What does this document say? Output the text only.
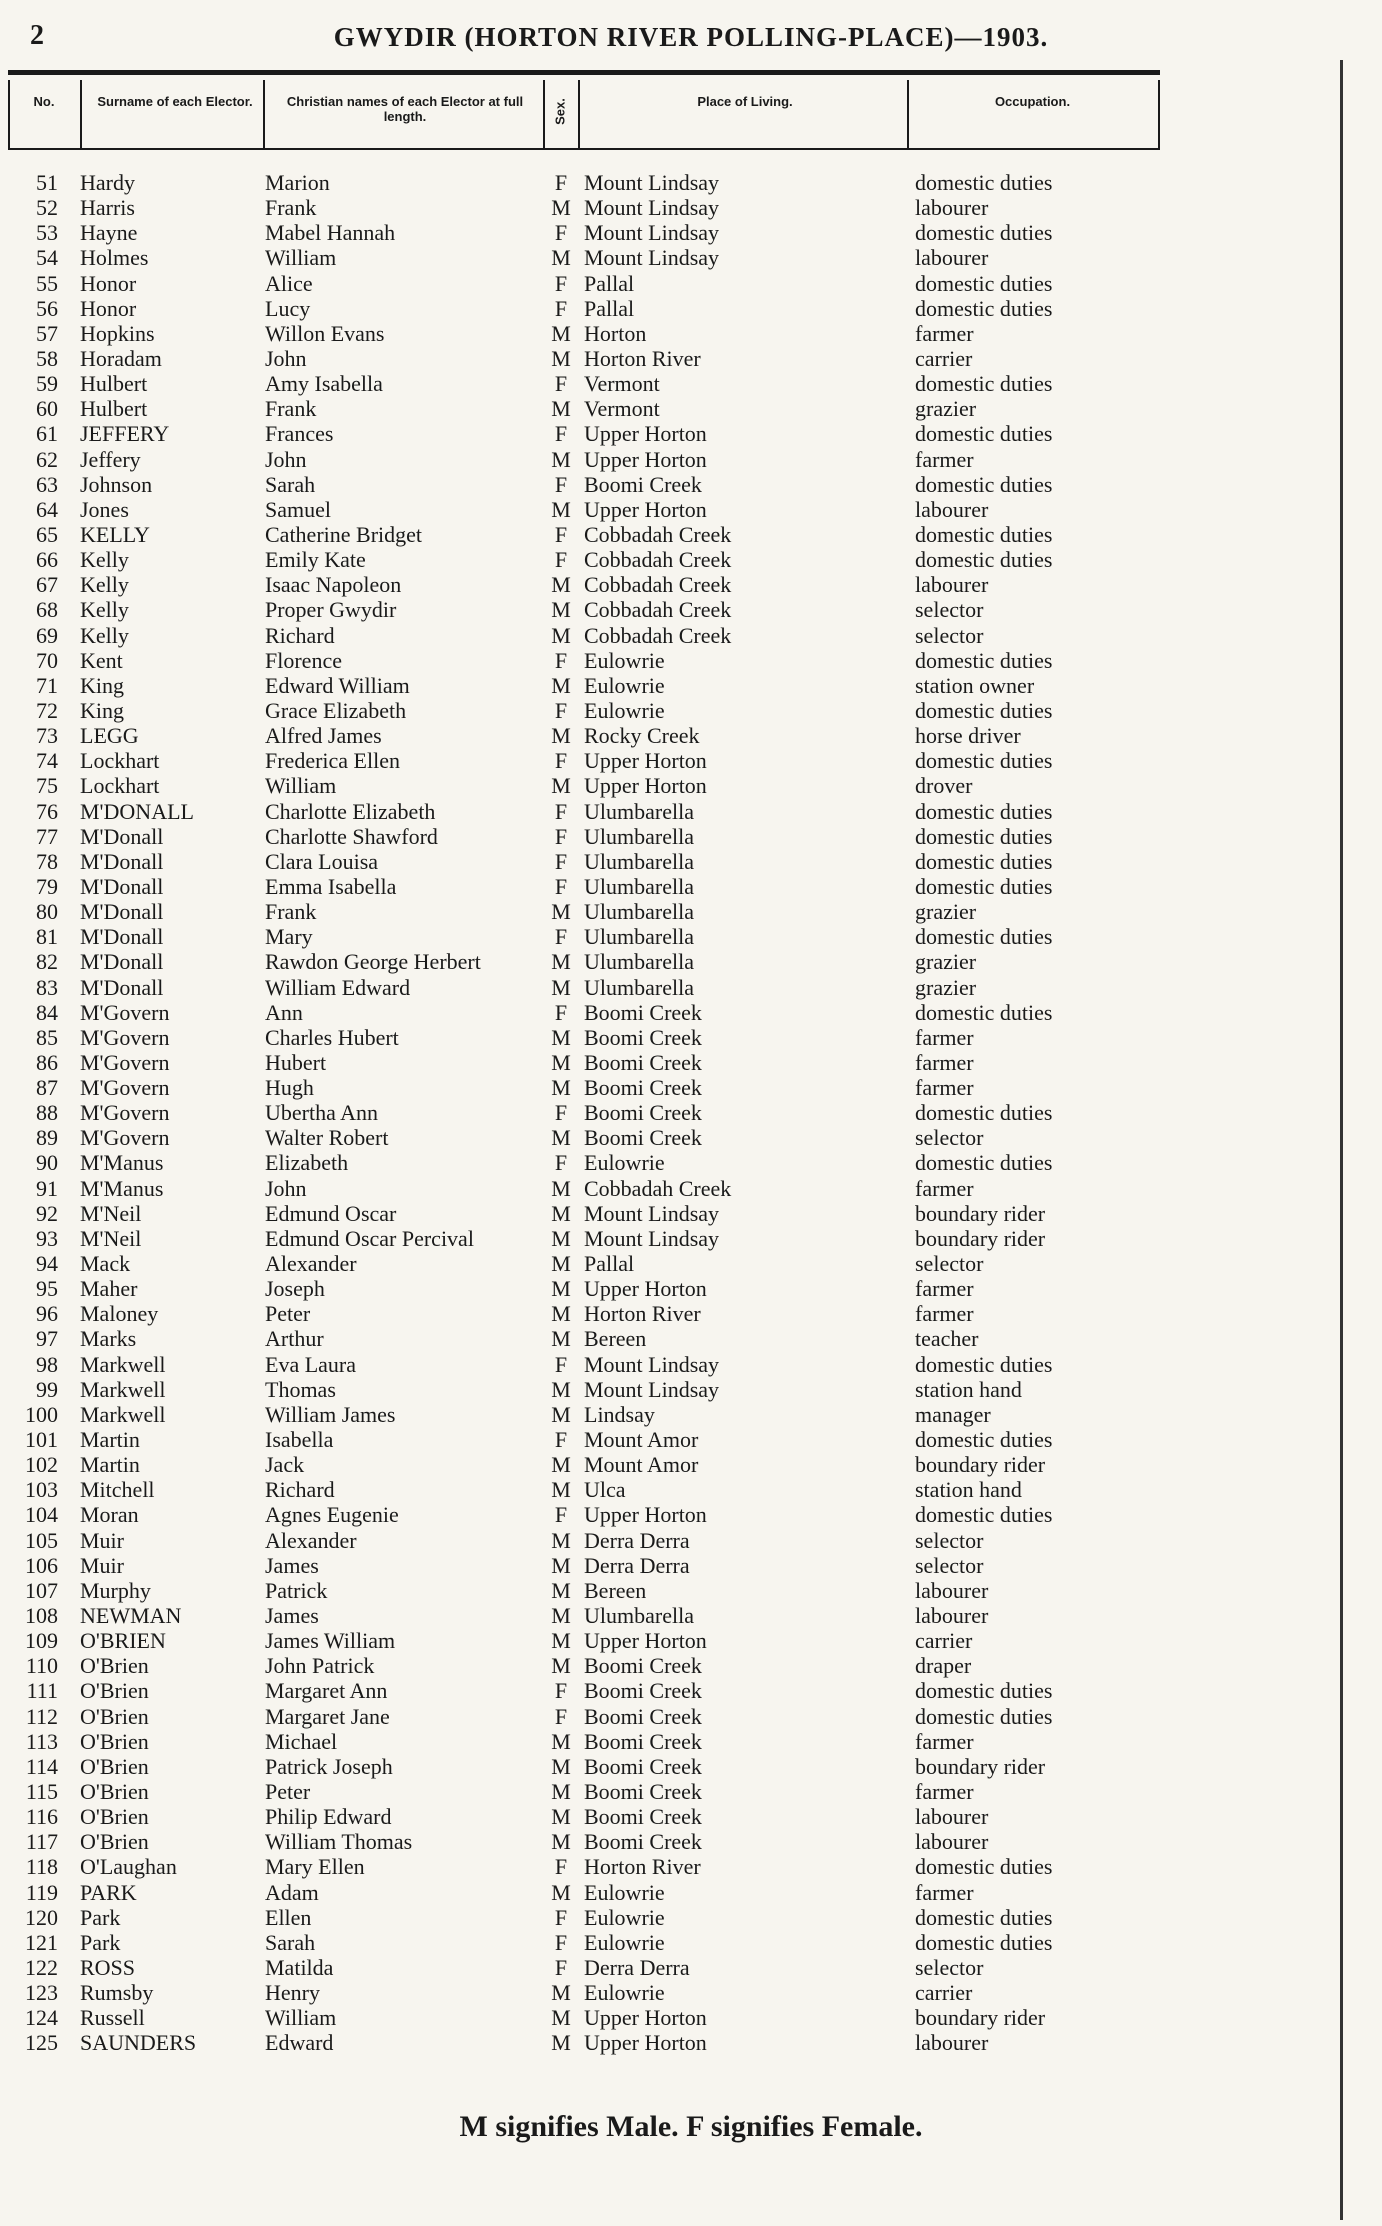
2	GWYDIR (HORTON RIVER POLLING-PLACE)—1903.
No.	Surname of each Elector.	Christian names of each Elector at full length.	Sex.	Place of Living.	Occupation.
51 Hardy	Marion	F Mount Lindsay	domestic duties
52 Harris	Frank	M Mount Lindsay	labourer
53 Hayne	Mabel Hannah	F Mount Lindsay	domestic duties
54 Holmes	William	M Mount Lindsay	labourer
55 Honor	Alice	F Pallal	domestic duties
56 Honor	Lucy	F Pallal	domestic duties
57 Hopkins	Willon Evans	M Horton	farmer
58 Horadam	John	M Horton River	carrier
59 Hulbert	Amy Isabella	F Vermont	domestic duties
60 Hulbert	Frank	M Vermont	grazier
61 JEFFERY	Frances	F Upper Horton	domestic duties
62 Jeffery	John	M Upper Horton	farmer
63 Johnson	Sarah	F Boomi Creek	domestic duties
64 Jones	Samuel	M Upper Horton	labourer
65 KELLY	Catherine Bridget	F Cobbadah Creek	domestic duties
66 Kelly	Emily Kate	F Cobbadah Creek	domestic duties
67 Kelly	Isaac Napoleon	M Cobbadah Creek	labourer
68 Kelly	Proper Gwydir	M Cobbadah Creek	selector
69 Kelly	Richard	M Cobbadah Creek	selector
70 Kent	Florence	F Eulowrie	domestic duties
71 King	Edward William	M Eulowrie	station owner
72 King	Grace Elizabeth	F Eulowrie	domestic duties
73 LEGG	Alfred James	M Rocky Creek	horse driver
74 Lockhart	Frederica Ellen	F Upper Horton	domestic duties
75 Lockhart	William	M Upper Horton	drover
76 M'DONALL	Charlotte Elizabeth	F Ulumbarella	domestic duties
77 M'Donall	Charlotte Shawford	F Ulumbarella	domestic duties
78 M'Donall	Clara Louisa	F Ulumbarella	domestic duties
79 M'Donall	Emma Isabella	F Ulumbarella	domestic duties
80 M'Donall	Frank	M Ulumbarella	grazier
81 M'Donall	Mary	F Ulumbarella	domestic duties
82 M'Donall	Rawdon George Herbert	M Ulumbarella	grazier
83 M'Donall	William Edward	M Ulumbarella	grazier
84 M'Govern	Ann	F Boomi Creek	domestic duties
85 M'Govern	Charles Hubert	M Boomi Creek	farmer
86 M'Govern	Hubert	M Boomi Creek	farmer
87 M'Govern	Hugh	M Boomi Creek	farmer
88 M'Govern	Ubertha Ann	F Boomi Creek	domestic duties
89 M'Govern	Walter Robert	M Boomi Creek	selector
90 M'Manus	Elizabeth	F Eulowrie	domestic duties
91 M'Manus	John	M Cobbadah Creek	farmer
92 M'Neil	Edmund Oscar	M Mount Lindsay	boundary rider
93 M'Neil	Edmund Oscar Percival	M Mount Lindsay	boundary rider
94 Mack	Alexander	M Pallal	selector
95 Maher	Joseph	M Upper Horton	farmer
96 Maloney	Peter	M Horton River	farmer
97 Marks	Arthur	M Bereen	teacher
98 Markwell	Eva Laura	F Mount Lindsay	domestic duties
99 Markwell	Thomas	M Mount Lindsay	station hand
100 Markwell	William James	M Lindsay	manager
101 Martin	Isabella	F Mount Amor	domestic duties
102 Martin	Jack	M Mount Amor	boundary rider
103 Mitchell	Richard	M Ulca	station hand
104 Moran	Agnes Eugenie	F Upper Horton	domestic duties
105 Muir	Alexander	M Derra Derra	selector
106 Muir	James	M Derra Derra	selector
107 Murphy	Patrick	M Bereen	labourer
108 NEWMAN	James	M Ulumbarella	labourer
109 O'BRIEN	James William	M Upper Horton	carrier
110 O'Brien	John Patrick	M Boomi Creek	draper
111 O'Brien	Margaret Ann	F Boomi Creek	domestic duties
112 O'Brien	Margaret Jane	F Boomi Creek	domestic duties
113 O'Brien	Michael	M Boomi Creek	farmer
114 O'Brien	Patrick Joseph	M Boomi Creek	boundary rider
115 O'Brien	Peter	M Boomi Creek	farmer
116 O'Brien	Philip Edward	M Boomi Creek	labourer
117 O'Brien	William Thomas	M Boomi Creek	labourer
118 O'Laughan	Mary Ellen	F Horton River	domestic duties
119 PARK	Adam	M Eulowrie	farmer
120 Park	Ellen	F Eulowrie	domestic duties
121 Park	Sarah	F Eulowrie	domestic duties
122 ROSS	Matilda	F Derra Derra	selector
123 Rumsby	Henry	M Eulowrie	carrier
124 Russell	William	M Upper Horton	boundary rider
125 SAUNDERS	Edward	M Upper Horton	labourer
M signifies Male. F signifies Female.
